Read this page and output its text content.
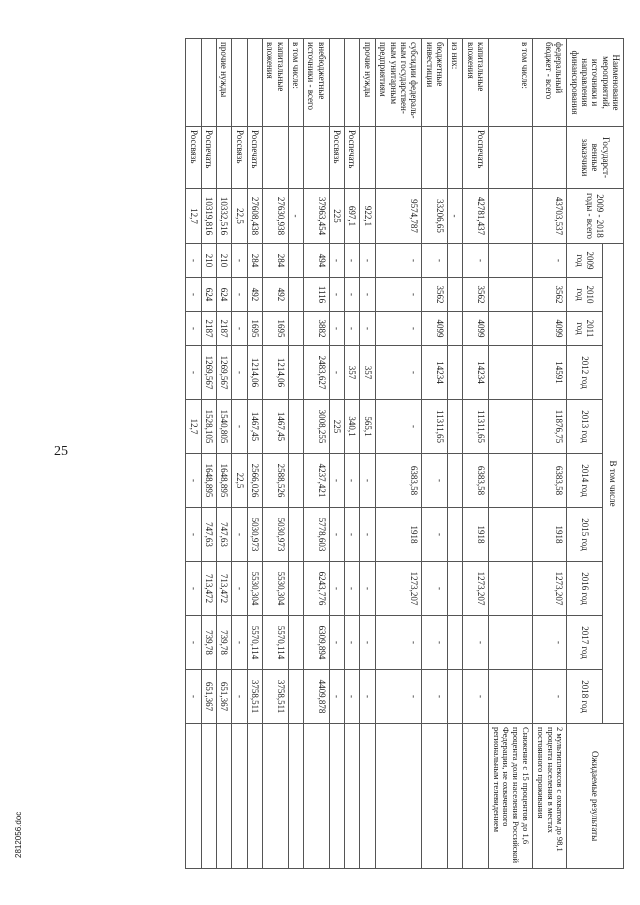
25
2812056.doc
Наименование мероприятий, источники и направления финансирования	Государст-венные заказчики	2009 - 2018 годы - всего	В том числе										Ожидаемые результаты
			2009 год	2010 год	2011 год	2012 год	2013 год	2014 год	2015 год	2016 год	2017 год	2018 год	
федеральный бюджет - всего		43703,537	-	3562	4099	14591	11876,75	6383,58	1918	1273,207	-	-	2 мультиплексов с охватом до 98,1 процента населения в местах постоянного проживания
в том числе:													Снижение с 15 процентов до 1,6 процента доли населения Российской Федерации, не охваченного региональным телевидением
капитальные вложения	Роспечать	42781,437	-	3562	4099	14234	11311,65	6383,58	1918	1273,207	-	-	
из них:		-											
бюджетные инвестиции		33206,65	-	3562	4099	14234	11311,65	-	-	-	-	-	
субсидии федераль-ным государствен-ным унитарным предприятиям		9574,787	-	-	-	-	-	6383,58	1918	1273,207	-	-	
прочие нужды		922,1	-	-	-	357	565,1	-	-	-	-	-	
	Роспечать	697,1	-	-	-	357	340,1	-	-	-	-	-	
	Россвязь	225	-	-	-	-	225	-	-	-	-	-	
внебюджетные источники - всего		37963,454	494	1116	3882	2483,627	3008,255	4237,421	5778,603	6243,776	6309,894	4409,878	
в том числе:		-											
капитальные вложения		27630,938	284	492	1695	1214,06	1467,45	2588,526	5030,973	5530,304	5570,114	3758,511	
	Роспечать	27608,438	284	492	1695	1214,06	1467,45	2566,026	5030,973	5530,304	5570,114	3758,511	
	Россвязь	22,5	-	-	-	-	-	22,5	-	-	-	-	
прочие нужды		10332,516	210	624	2187	1269,567	1540,805	1648,895	747,63	713,472	739,78	651,367	
	Роспечать	10319,816	210	624	2187	1269,567	1528,105	1648,895	747,63	713,472	739,78	651,367	
	Россвязь	12,7	-	-	-	-	12,7	-	-	-	-	-	
